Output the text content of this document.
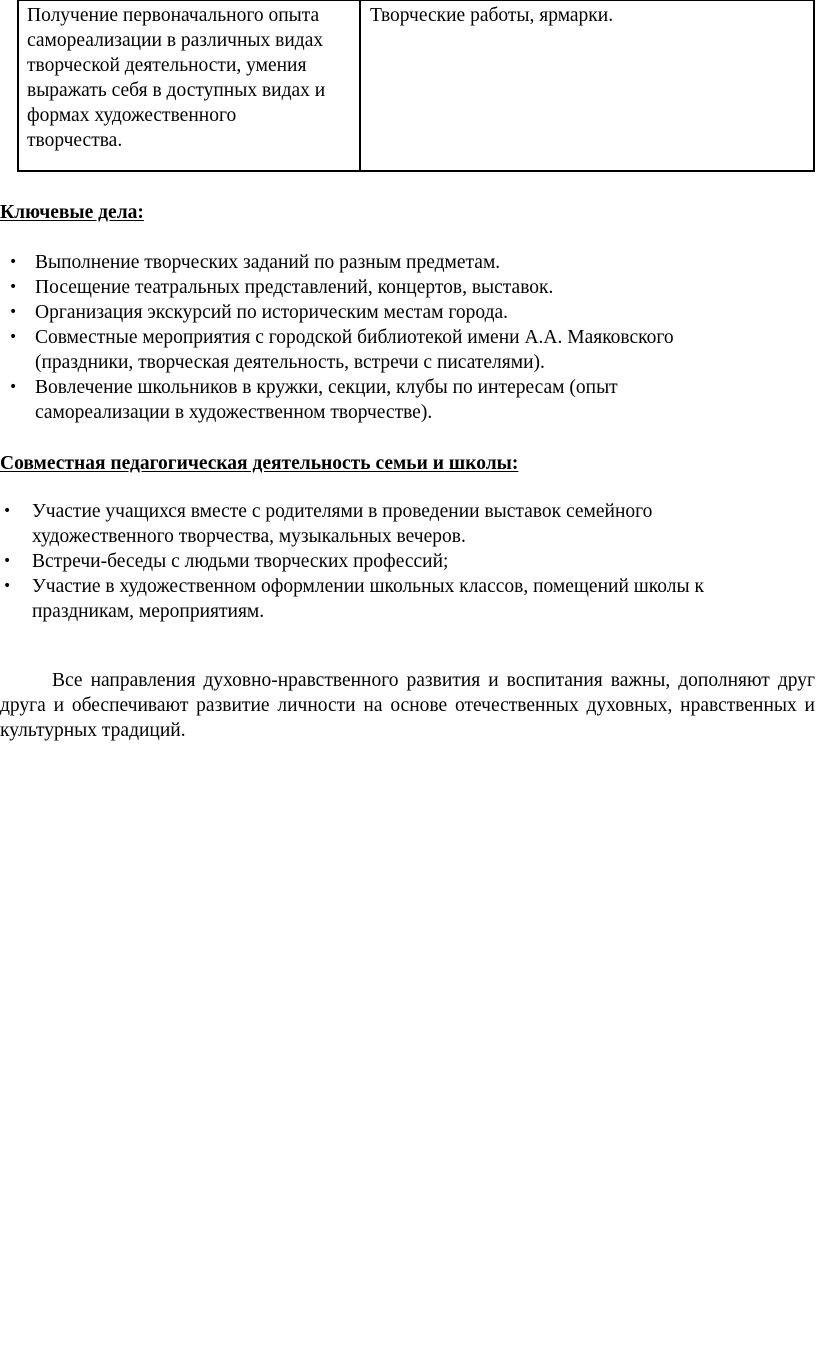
Получение первоначального опыта
самореализации в различных видах
творческой деятельности, умения
выражать себя в доступных видах и
формах художественного
творчества.
Творческие работы, ярмарки.
Ключевые дела:
• Выполнение творческих заданий по разным предметам.
• Посещение театральных представлений, концертов, выставок.
• Организация экскурсий по историческим местам города.
• Совместные мероприятия с городской библиотекой имени А.А. Маяковского
(праздники, творческая деятельность, встречи с писателями).
• Вовлечение школьников в кружки, секции, клубы по интересам (опыт
самореализации в художественном творчестве).
Совместная педагогическая деятельность семьи и школы:
• Участие учащихся вместе с родителями в проведении выставок семейного
художественного творчества, музыкальных вечеров.
• Встречи-беседы с людьми творческих профессий;
• Участие в художественном оформлении школьных классов, помещений школы к
праздникам, мероприятиям.

Все направления духовно-нравственного развития и воспитания важны, дополняют друг друга и обеспечивают развитие личности на основе отечественных духовных, нравственных и культурных традиций.
